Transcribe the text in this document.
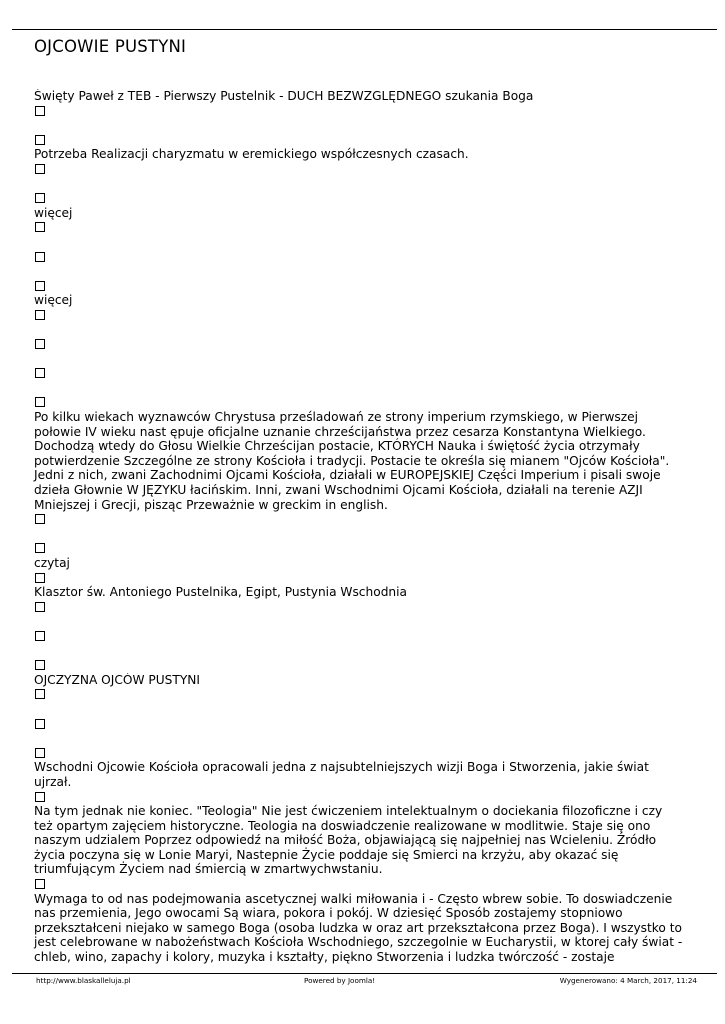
OJCOWIE PUSTYNI
Święty Paweł z TEB - Pierwszy Pustelnik - DUCH BEZWZGLĘDNEGO szukania Boga
Potrzeba Realizacji charyzmatu w eremickiego współczesnych czasach.
więcej
więcej
Po kilku wiekach wyznawców Chrystusa prześladowań ze strony imperium rzymskiego, w Pierwszej połowie IV wieku nast ępuje oficjalne uznanie chrześcijaństwa przez cesarza Konstantyna Wielkiego. Dochodzą wtedy do Głosu Wielkie Chrześcijan postacie, KTÓRYCH Nauka i świętość życia otrzymały potwierdzenie Szczególne ze strony Kościoła i tradycji. Postacie te określa się mianem "Ojców Kościoła". Jedni z nich, zwani Zachodnimi Ojcami Kościoła, działali w EUROPEJSKIEJ Części Imperium i pisali swoje dzieła Głownie W JĘZYKU łacińskim. Inni, zwani Wschodnimi Ojcami Kościoła, działali na terenie AZJI Mniejszej i Grecji, pisząc Przeważnie w greckim in english.
czytaj
Klasztor św. Antoniego Pustelnika, Egipt, Pustynia Wschodnia
OJCZYZNA OJCÓW PUSTYNI
Wschodni Ojcowie Kościoła opracowali jedna z najsubtelniejszych wizji Boga i Stworzenia, jakie świat ujrzał.
Na tym jednak nie koniec. "Teologia" Nie jest ćwiczeniem intelektualnym o dociekania filozoficzne i czy też opartym zajęciem historyczne. Teologia na doswiadczenie realizowane w modlitwie. Staje się ono naszym udzialem Poprzez odpowiedź na miłość Boża, objawiającą się najpełniej nas Wcieleniu. Źródło życia poczyna się w Lonie Maryi, Nastepnie Życie poddaje się Smierci na krzyżu, aby okazać się triumfującym Życiem nad śmiercią w zmartwychwstaniu.
Wymaga to od nas podejmowania ascetycznej walki miłowania i - Często wbrew sobie. To doswiadczenie nas przemienia, Jego owocami Są wiara, pokora i pokój. W dziesięć Sposób zostajemy stopniowo przekształceni niejako w samego Boga (osoba ludzka w oraz art przekształcona przez Boga). I wszystko to jest celebrowane w nabożeństwach Kościoła Wschodniego, szczegolnie w Eucharystii, w ktorej cały świat - chleb, wino, zapachy i kolory, muzyka i kształty, piękno Stworzenia i ludzka twórczość - zostaje
http://www.blaskalleluja.pl	Powered by Joomla!	Wygenerowano: 4 March, 2017, 11:24
